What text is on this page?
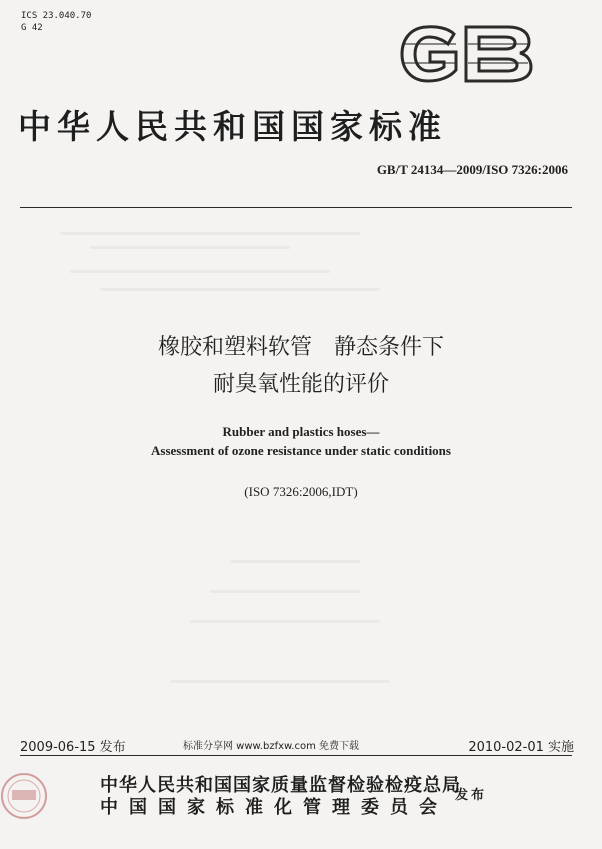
ICS 23.040.70
G 42
中华人民共和国国家标准
GB/T 24134—2009/ISO 7326:2006
橡胶和塑料软管　静态条件下
耐臭氧性能的评价
Rubber and plastics hoses—
Assessment of ozone resistance under static conditions
(ISO 7326:2006,IDT)
2009-06-15 发布	标准分享网 www.bzfxw.com 免费下载	2010-02-01 实施
中华人民共和国国家质量监督检验检疫总局
中国国家标准化管理委员会
发布
